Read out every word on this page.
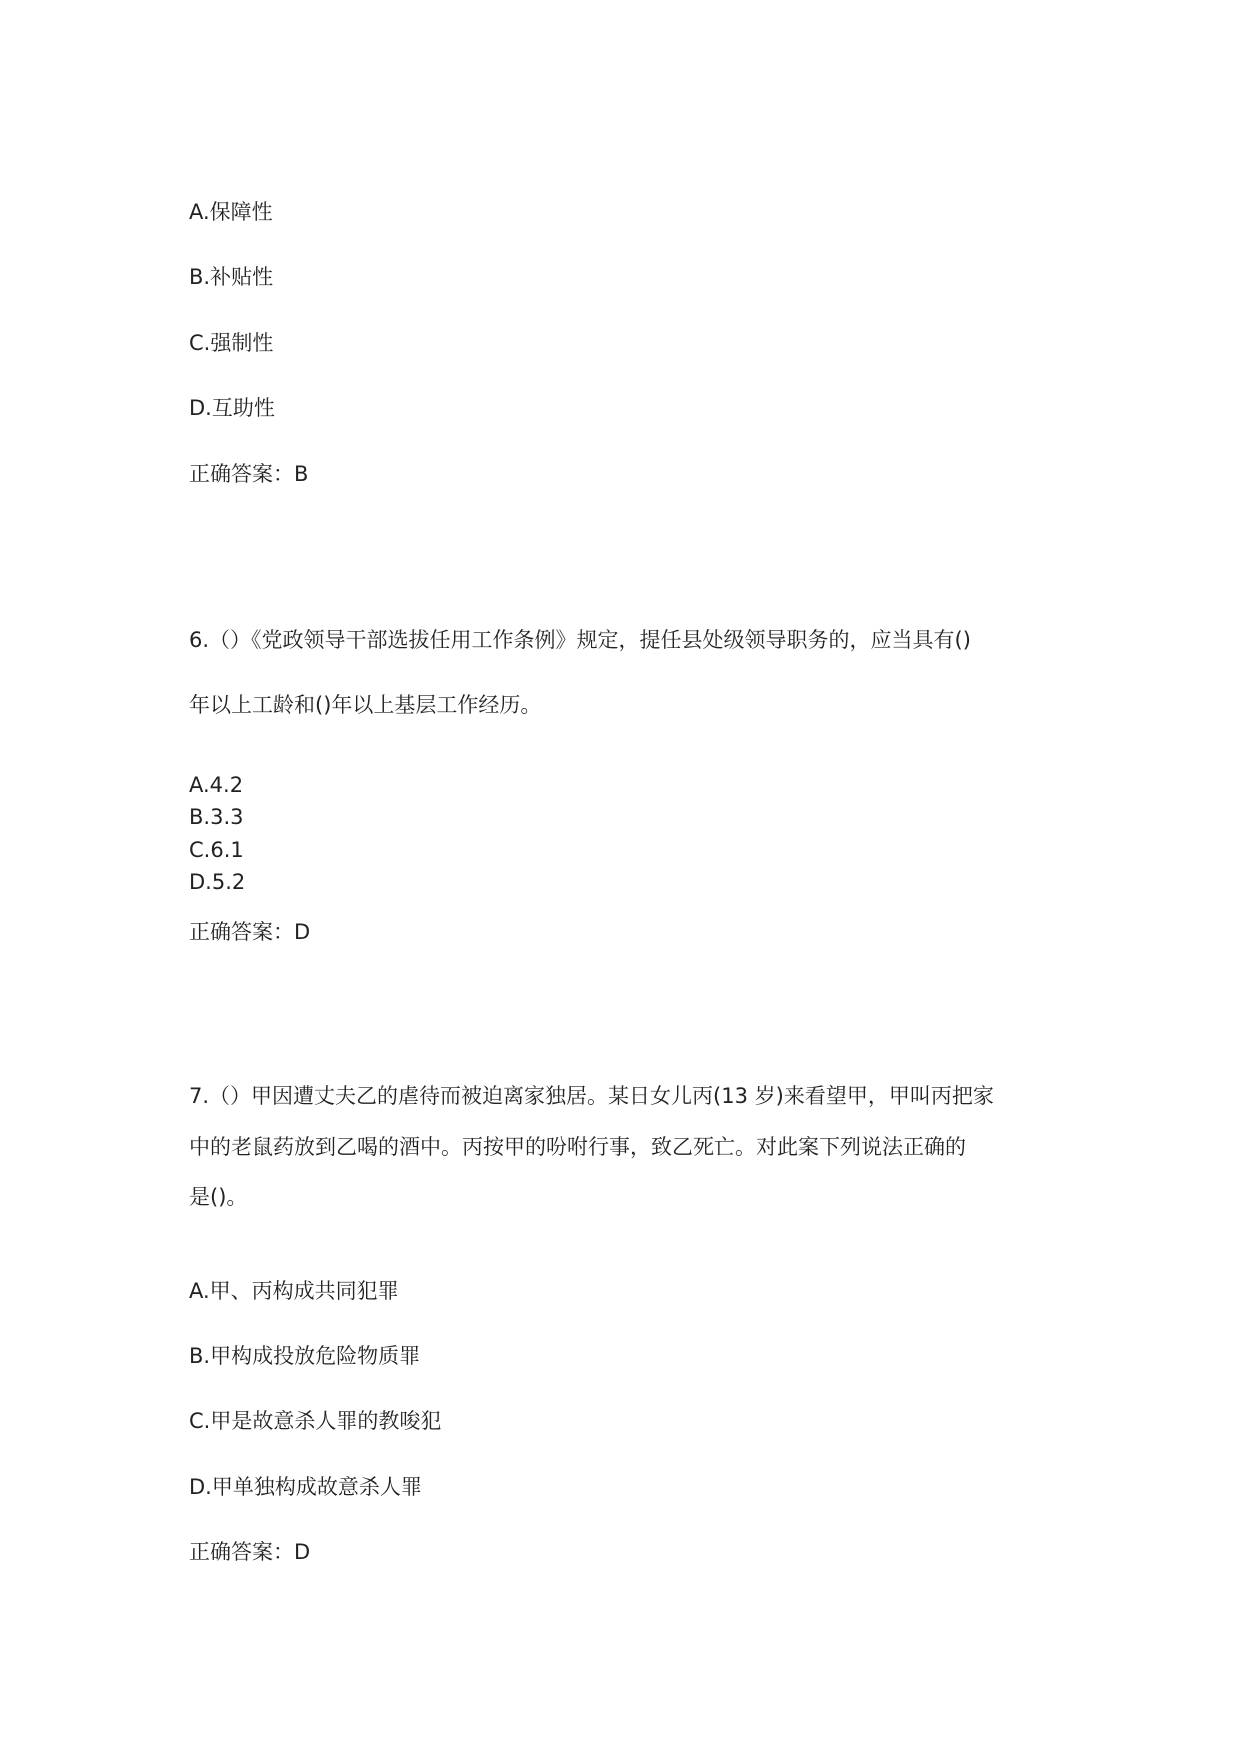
A.保障性
B.补贴性
C.强制性
D.互助性
正确答案：B
6.（）《党政领导干部选拔任用工作条例》规定，提任县处级领导职务的，应当具有()
年以上工龄和()年以上基层工作经历。
A.4.2
B.3.3
C.6.1
D.5.2
正确答案：D
7.（）甲因遭丈夫乙的虐待而被迫离家独居。某日女儿丙(13 岁)来看望甲，甲叫丙把家
中的老鼠药放到乙喝的酒中。丙按甲的吩咐行事，致乙死亡。对此案下列说法正确的
是()。
A.甲、丙构成共同犯罪
B.甲构成投放危险物质罪
C.甲是故意杀人罪的教唆犯
D.甲单独构成故意杀人罪
正确答案：D
